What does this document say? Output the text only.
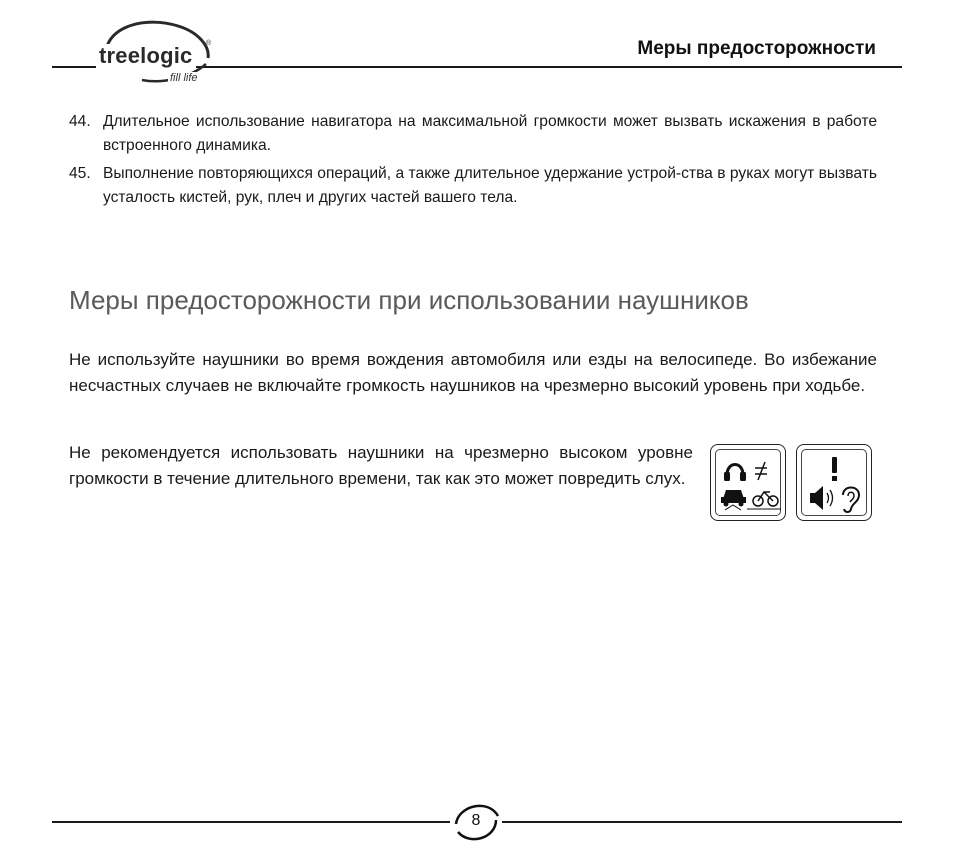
treelogic	®
fill life
Меры предосторожности
44. Длительное использование навигатора на максимальной громкости может вызвать искажения в работе встроенного динамика.
45. Выполнение повторяющихся операций, а также длительное удержание устрой-ства в руках могут вызвать усталость кистей, рук, плеч и других частей вашего тела.
Меры предосторожности при использовании наушников

Не используйте наушники во время вождения автомобиля или езды на велосипеде. Во избежание несчастных случаев не включайте громкость наушников на чрезмерно высокий уровень при ходьбе.

Не рекомендуется использовать наушники на чрезмерно высоком уровне громкости в течение длительного времени, так как это может повредить слух.

8
